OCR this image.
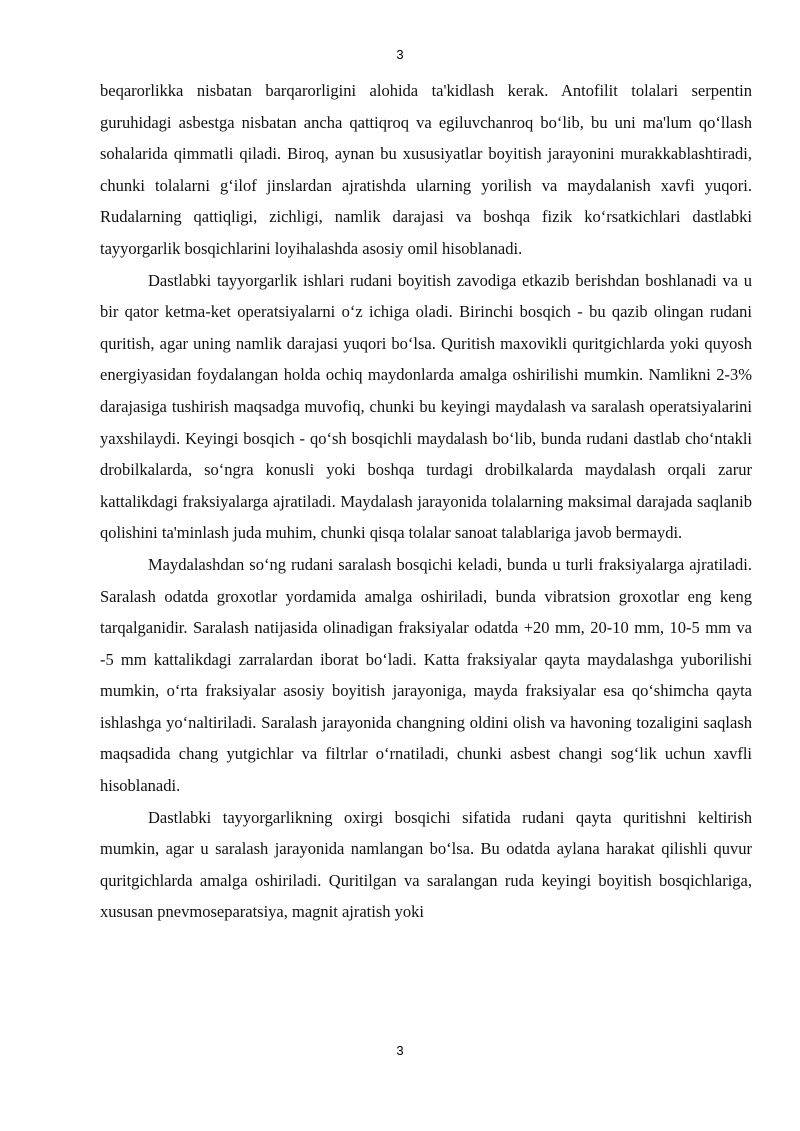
3

beqarorlikka nisbatan barqarorligini alohida ta'kidlash kerak. Antofilit tolalari serpentin guruhidagi asbestga nisbatan ancha qattiqroq va egiluvchanroq bo‘lib, bu uni ma'lum qo‘llash sohalarida qimmatli qiladi. Biroq, aynan bu xususiyatlar boyitish jarayonini murakkablashtiradi, chunki tolalarni g‘ilof jinslardan ajratishda ularning yorilish va maydalanish xavfi yuqori. Rudalarning qattiqligi, zichligi, namlik darajasi va boshqa fizik ko‘rsatkichlari dastlabki tayyorgarlik bosqichlarini loyihalashda asosiy omil hisoblanadi.

Dastlabki tayyorgarlik ishlari rudani boyitish zavodiga etkazib berishdan boshlanadi va u bir qator ketma-ket operatsiyalarni o‘z ichiga oladi. Birinchi bosqich - bu qazib olingan rudani quritish, agar uning namlik darajasi yuqori bo‘lsa. Quritish maxovikli quritgichlarda yoki quyosh energiyasidan foydalangan holda ochiq maydonlarda amalga oshirilishi mumkin. Namlikni 2-3% darajasiga tushirish maqsadga muvofiq, chunki bu keyingi maydalash va saralash operatsiyalarini yaxshilaydi. Keyingi bosqich - qo‘sh bosqichli maydalash bo‘lib, bunda rudani dastlab cho‘ntakli drobilkalarda, so‘ngra konusli yoki boshqa turdagi drobilkalarda maydalash orqali zarur kattalikdagi fraksiyalarga ajratiladi. Maydalash jarayonida tolalarning maksimal darajada saqlanib qolishini ta'minlash juda muhim, chunki qisqa tolalar sanoat talablariga javob bermaydi.

Maydalashdan so‘ng rudani saralash bosqichi keladi, bunda u turli fraksiyalarga ajratiladi. Saralash odatda groxotlar yordamida amalga oshiriladi, bunda vibratsion groxotlar eng keng tarqalganidir. Saralash natijasida olinadigan fraksiyalar odatda +20 mm, 20-10 mm, 10-5 mm va -5 mm kattalikdagi zarralardan iborat bo‘ladi. Katta fraksiyalar qayta maydalashga yuborilishi mumkin, o‘rta fraksiyalar asosiy boyitish jarayoniga, mayda fraksiyalar esa qo‘shimcha qayta ishlashga yo‘naltiriladi. Saralash jarayonida changning oldini olish va havoning tozaligini saqlash maqsadida chang yutgichlar va filtrlar o‘rnatiladi, chunki asbest changi sog‘lik uchun xavfli hisoblanadi.

Dastlabki tayyorgarlikning oxirgi bosqichi sifatida rudani qayta quritishni keltirish mumkin, agar u saralash jarayonida namlangan bo‘lsa. Bu odatda aylana harakat qilishli quvur quritgichlarda amalga oshiriladi. Quritilgan va saralangan ruda keyingi boyitish bosqichlariga, xususan pnevmoseparatsiya, magnit ajratish yoki

3
